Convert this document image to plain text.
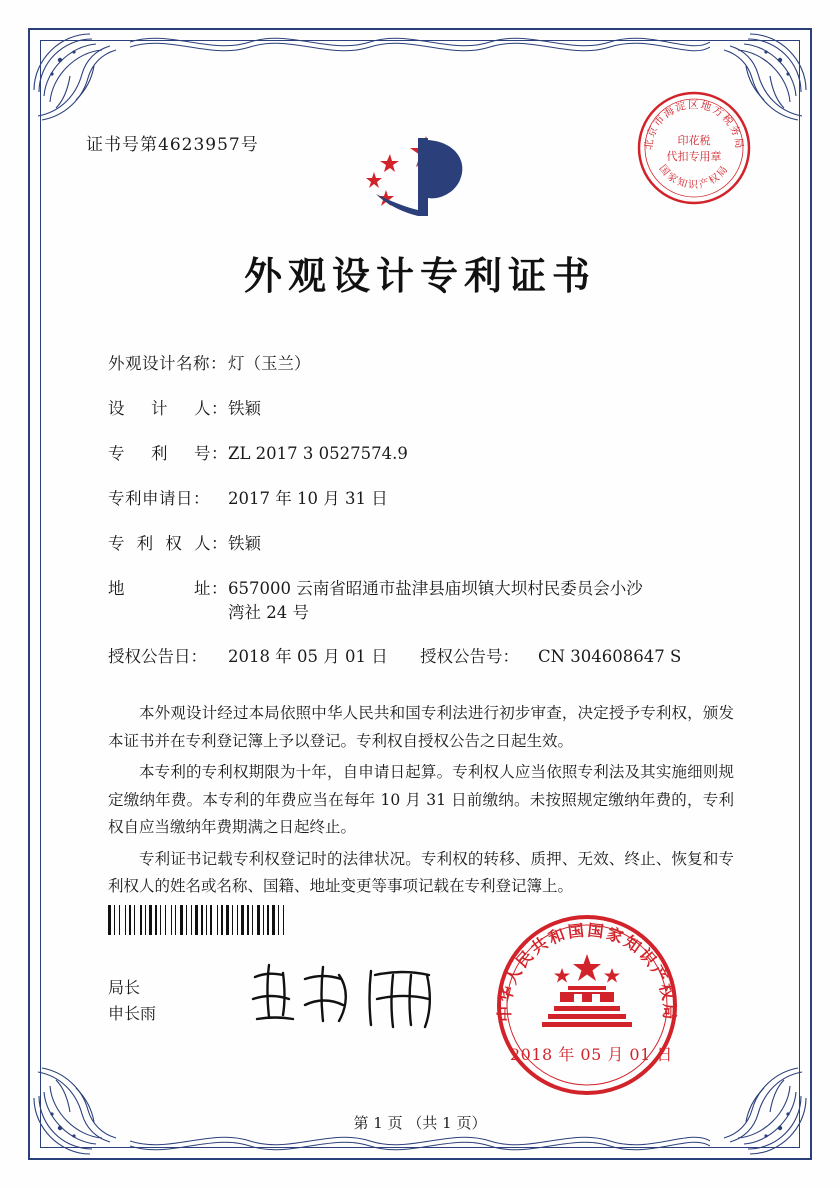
证书号第4623957号	北京市海淀区地方税务局
国家知识产权局
印花税
代扣专用章
外观设计专利证书
外观设计名称： 灯（玉兰）
设 计 人： 铁颖
专 利 号： ZL 2017 3 0527574.9
专利申请日：	2017 年 10 月 31 日
专 利 权 人： 铁颖
地	址： 657000 云南省昭通市盐津县庙坝镇大坝村民委员会小沙
湾社 24 号
授权公告日：	2018 年 05 月 01 日 授权公告号：	CN 304608647 S

本外观设计经过本局依照中华人民共和国专利法进行初步审查，决定授予专利权，颁发本证书并在专利登记簿上予以登记。专利权自授权公告之日起生效。

本专利的专利权期限为十年，自申请日起算。专利权人应当依照专利法及其实施细则规定缴纳年费。本专利的年费应当在每年 10 月 31 日前缴纳。未按照规定缴纳年费的，专利权自应当缴纳年费期满之日起终止。

专利证书记载专利权登记时的法律状况。专利权的转移、质押、无效、终止、恢复和专利权人的姓名或名称、国籍、地址变更等事项记载在专利登记簿上。

局长
申长雨	中华人民共和国国家知识产权局
2018 年 05 月 01 日
第 1 页 （共 1 页）
